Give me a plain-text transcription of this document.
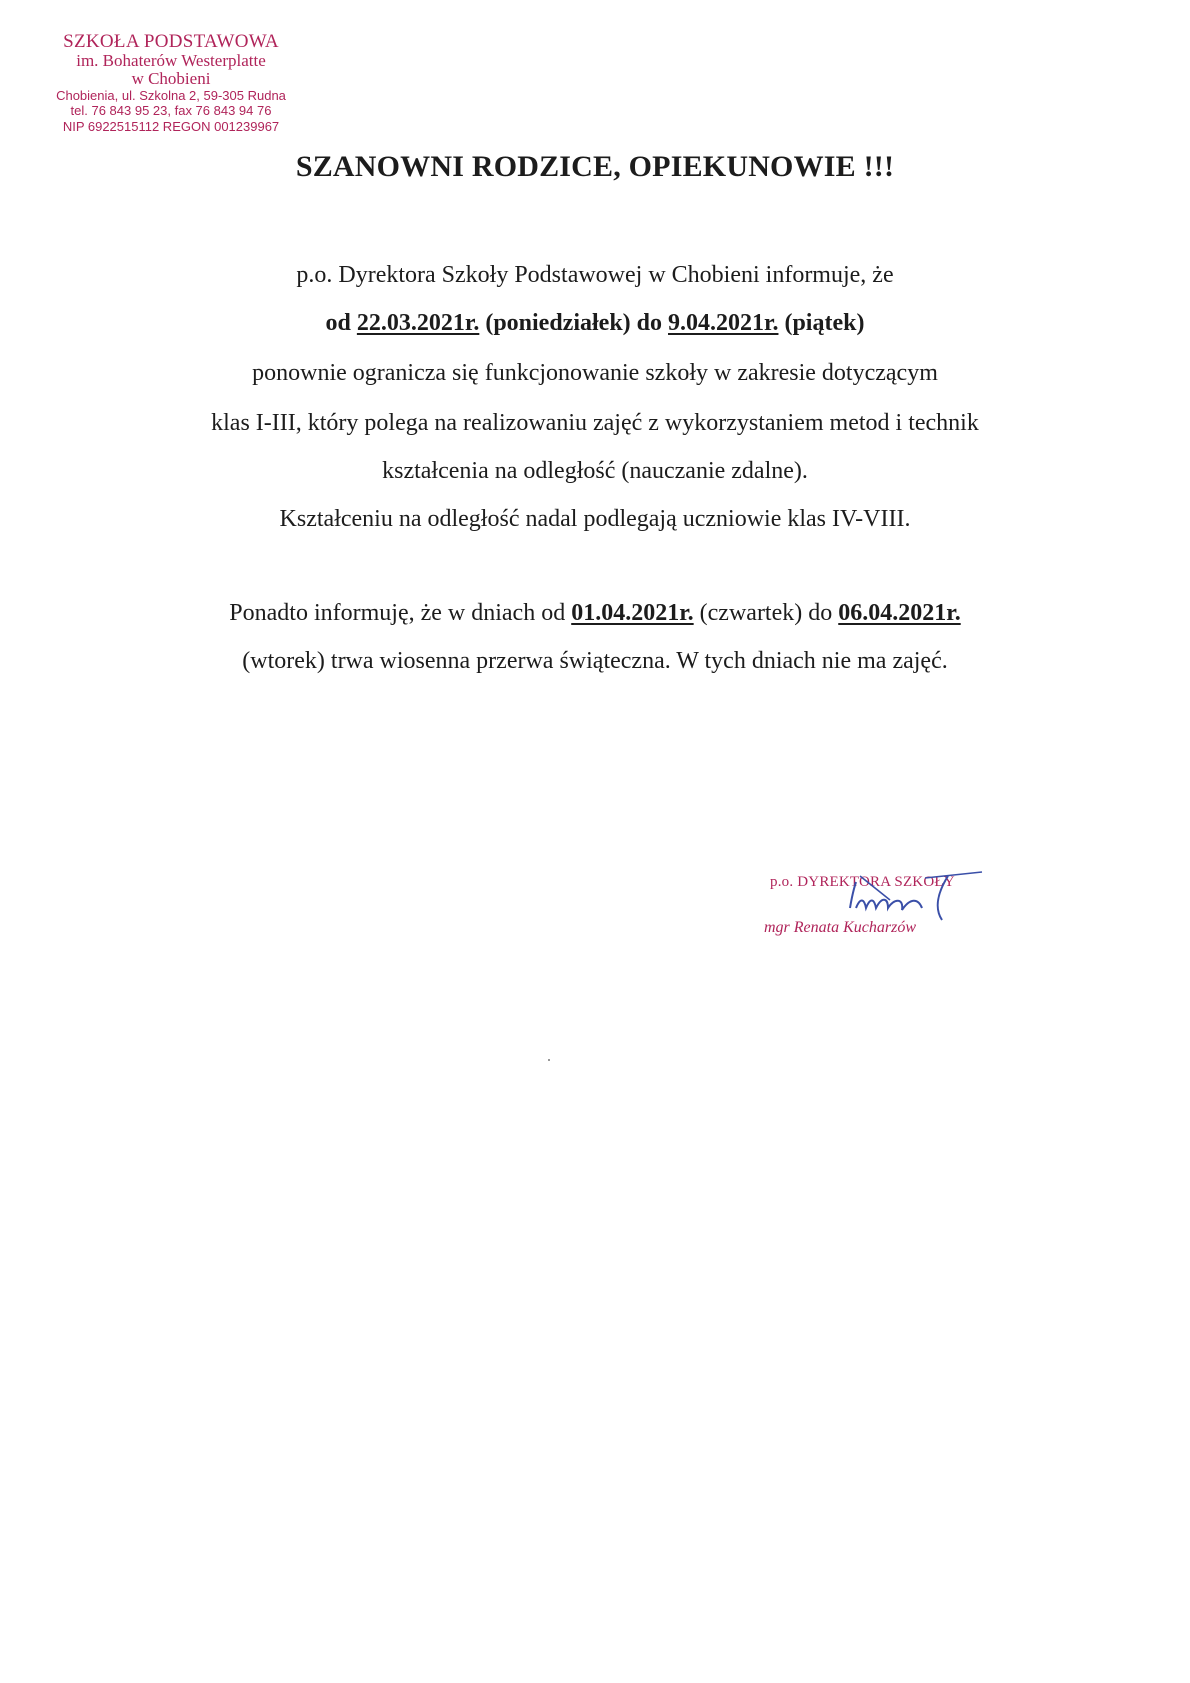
SZKOŁA PODSTAWOWA
im. Bohaterów Westerplatte
w Chobieni
Chobienia, ul. Szkolna 2, 59-305 Rudna
tel. 76 843 95 23, fax 76 843 94 76
NIP 6922515112 REGON 001239967
SZANOWNI RODZICE, OPIEKUNOWIE !!!
p.o. Dyrektora Szkoły Podstawowej w Chobieni informuje, że
od 22.03.2021r. (poniedziałek) do 9.04.2021r. (piątek)
ponownie ogranicza się funkcjonowanie szkoły w zakresie dotyczącym
klas I-III, który polega na realizowaniu zajęć z wykorzystaniem metod i technik
kształcenia na odległość (nauczanie zdalne).
Kształceniu na odległość nadal podlegają uczniowie klas IV-VIII.
Ponadto informuję, że w dniach od 01.04.2021r. (czwartek) do 06.04.2021r.
(wtorek) trwa wiosenna przerwa świąteczna. W tych dniach nie ma zajęć.
p.o. DYREKTORA SZKOŁY
mgr Renata Kucharzów
